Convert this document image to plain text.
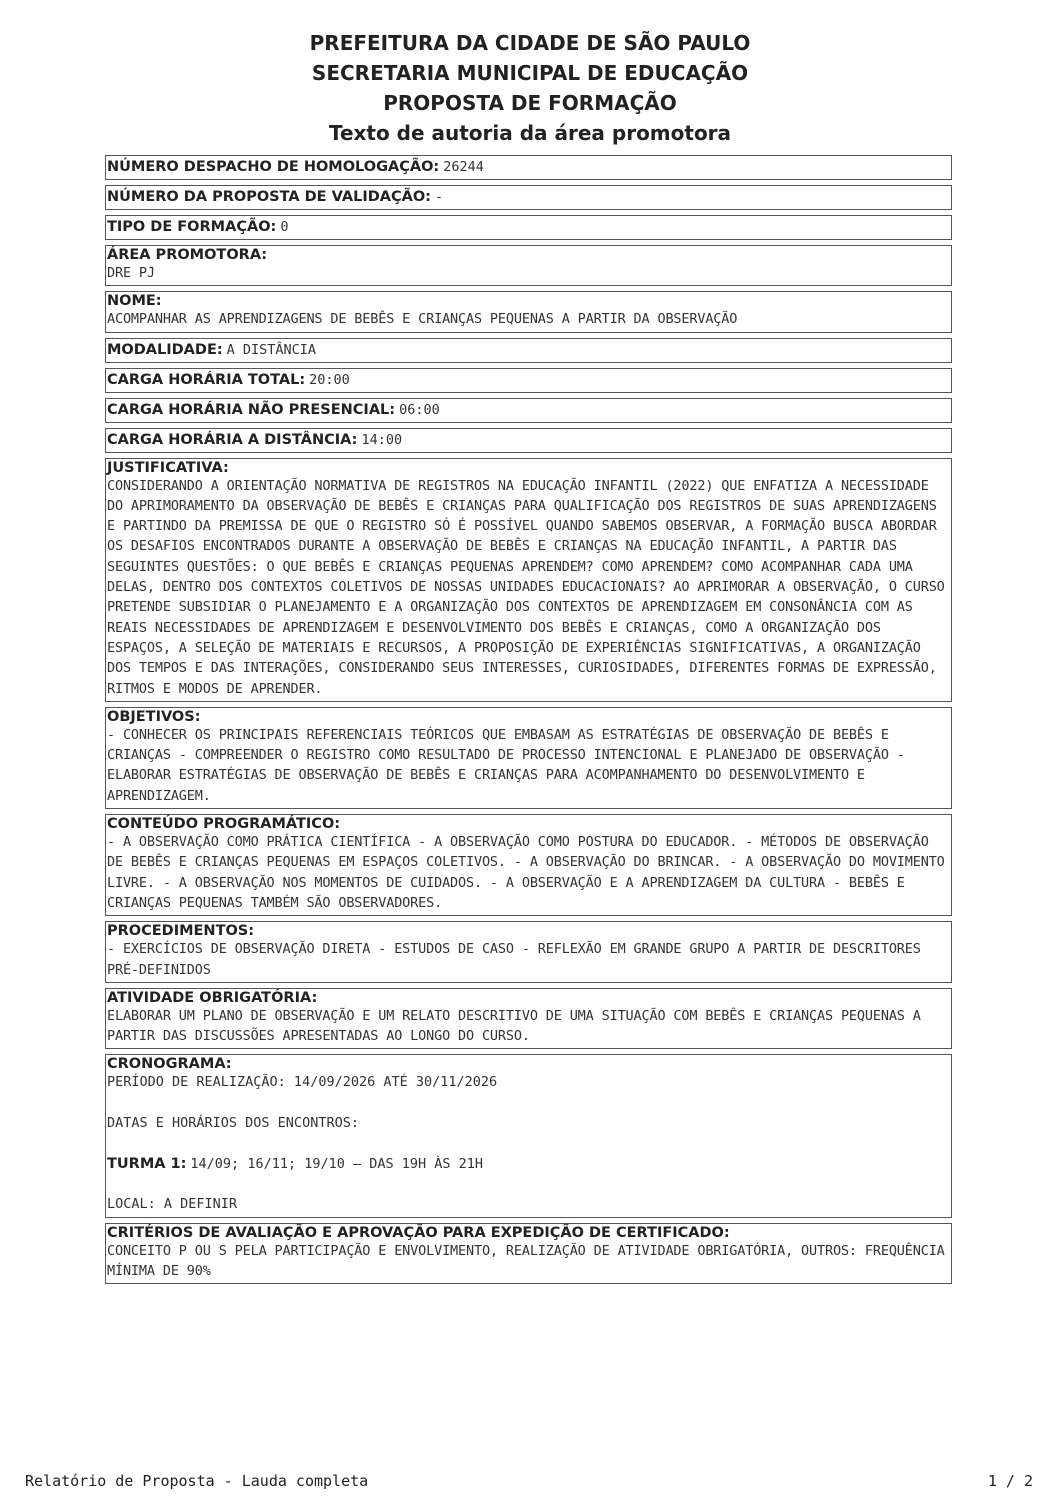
PREFEITURA DA CIDADE DE SÃO PAULO
SECRETARIA MUNICIPAL DE EDUCAÇÃO
PROPOSTA DE FORMAÇÃO
Texto de autoria da área promotora
NÚMERO DESPACHO DE HOMOLOGAÇÃO: 26244
NÚMERO DA PROPOSTA DE VALIDAÇÃO: -
TIPO DE FORMAÇÃO: 0
ÁREA PROMOTORA:
DRE PJ
NOME:
ACOMPANHAR AS APRENDIZAGENS DE BEBÊS E CRIANÇAS PEQUENAS A PARTIR DA OBSERVAÇÃO
MODALIDADE: A DISTÂNCIA
CARGA HORÁRIA TOTAL: 20:00
CARGA HORÁRIA NÃO PRESENCIAL: 06:00
CARGA HORÁRIA A DISTÂNCIA: 14:00
JUSTIFICATIVA:
CONSIDERANDO A ORIENTAÇÃO NORMATIVA DE REGISTROS NA EDUCAÇÃO INFANTIL (2022) QUE ENFATIZA A NECESSIDADE DO APRIMORAMENTO DA OBSERVAÇÃO DE BEBÊS E CRIANÇAS PARA QUALIFICAÇÃO DOS REGISTROS DE SUAS APRENDIZAGENS E PARTINDO DA PREMISSA DE QUE O REGISTRO SÓ É POSSÍVEL QUANDO SABEMOS OBSERVAR, A FORMAÇÃO BUSCA ABORDAR OS DESAFIOS ENCONTRADOS DURANTE A OBSERVAÇÃO DE BEBÊS E CRIANÇAS NA EDUCAÇÃO INFANTIL, A PARTIR DAS SEGUINTES QUESTÕES: O QUE BEBÊS E CRIANÇAS PEQUENAS APRENDEM? COMO APRENDEM? COMO ACOMPANHAR CADA UMA DELAS, DENTRO DOS CONTEXTOS COLETIVOS DE NOSSAS UNIDADES EDUCACIONAIS? AO APRIMORAR A OBSERVAÇÃO, O CURSO PRETENDE SUBSIDIAR O PLANEJAMENTO E A ORGANIZAÇÃO DOS CONTEXTOS DE APRENDIZAGEM EM CONSONÂNCIA COM AS REAIS NECESSIDADES DE APRENDIZAGEM E DESENVOLVIMENTO DOS BEBÊS E CRIANÇAS, COMO A ORGANIZAÇÃO DOS ESPAÇOS, A SELEÇÃO DE MATERIAIS E RECURSOS, A PROPOSIÇÃO DE EXPERIÊNCIAS SIGNIFICATIVAS, A ORGANIZAÇÃO DOS TEMPOS E DAS INTERAÇÕES, CONSIDERANDO SEUS INTERESSES, CURIOSIDADES, DIFERENTES FORMAS DE EXPRESSÃO, RITMOS E MODOS DE APRENDER.
OBJETIVOS:
- CONHECER OS PRINCIPAIS REFERENCIAIS TEÓRICOS QUE EMBASAM AS ESTRATÉGIAS DE OBSERVAÇÃO DE BEBÊS E CRIANÇAS - COMPREENDER O REGISTRO COMO RESULTADO DE PROCESSO INTENCIONAL E PLANEJADO DE OBSERVAÇÃO - ELABORAR ESTRATÉGIAS DE OBSERVAÇÃO DE BEBÊS E CRIANÇAS PARA ACOMPANHAMENTO DO DESENVOLVIMENTO E APRENDIZAGEM.
CONTEÚDO PROGRAMÁTICO:
- A OBSERVAÇÃO COMO PRÁTICA CIENTÍFICA - A OBSERVAÇÃO COMO POSTURA DO EDUCADOR. - MÉTODOS DE OBSERVAÇÃO DE BEBÊS E CRIANÇAS PEQUENAS EM ESPAÇOS COLETIVOS. - A OBSERVAÇÃO DO BRINCAR. - A OBSERVAÇÃO DO MOVIMENTO LIVRE. - A OBSERVAÇÃO NOS MOMENTOS DE CUIDADOS. - A OBSERVAÇÃO E A APRENDIZAGEM DA CULTURA - BEBÊS E CRIANÇAS PEQUENAS TAMBÉM SÃO OBSERVADORES.
PROCEDIMENTOS:
- EXERCÍCIOS DE OBSERVAÇÃO DIRETA - ESTUDOS DE CASO - REFLEXÃO EM GRANDE GRUPO A PARTIR DE DESCRITORES PRÉ-DEFINIDOS
ATIVIDADE OBRIGATÓRIA:
ELABORAR UM PLANO DE OBSERVAÇÃO E UM RELATO DESCRITIVO DE UMA SITUAÇÃO COM BEBÊS E CRIANÇAS PEQUENAS A PARTIR DAS DISCUSSÕES APRESENTADAS AO LONGO DO CURSO.
CRONOGRAMA:
PERÍODO DE REALIZAÇÃO: 14/09/2026 ATÉ 30/11/2026
DATAS E HORÁRIOS DOS ENCONTROS:
TURMA 1: 14/09; 16/11; 19/10 — DAS 19H ÀS 21H
LOCAL: A DEFINIR
CRITÉRIOS DE AVALIAÇÃO E APROVAÇÃO PARA EXPEDIÇÃO DE CERTIFICADO:
CONCEITO P OU S PELA PARTICIPAÇÃO E ENVOLVIMENTO, REALIZAÇÃO DE ATIVIDADE OBRIGATÓRIA, OUTROS: FREQUÊNCIA MÍNIMA DE 90%
Relatório de Proposta - Lauda completa	1 / 2
